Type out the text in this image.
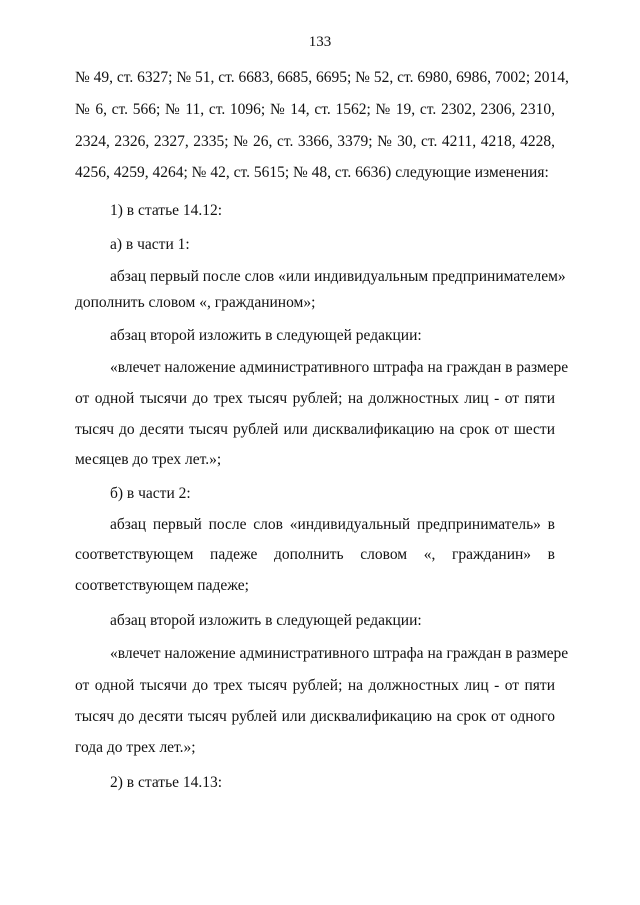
133
№ 49, ст. 6327; № 51, ст. 6683, 6685, 6695; № 52, ст. 6980, 6986, 7002; 2014,
№ 6, ст. 566; № 11, ст. 1096; № 14, ст. 1562; № 19, ст. 2302, 2306, 2310,
2324, 2326, 2327, 2335; № 26, ст. 3366, 3379; № 30, ст. 4211, 4218, 4228,
4256, 4259, 4264; № 42, ст. 5615; № 48, ст. 6636) следующие изменения:
1) в статье 14.12:
а) в части 1:
абзац первый после слов «или индивидуальным предпринимателем»
дополнить словом «, гражданином»;
абзац второй изложить в следующей редакции:
«влечет наложение административного штрафа на граждан в размере
от одной тысячи до трех тысяч рублей; на должностных лиц - от пяти
тысяч до десяти тысяч рублей или дисквалификацию на срок от шести
месяцев до трех лет.»;
б) в части 2:
абзац первый после слов «индивидуальный предприниматель» в
соответствующем падеже дополнить словом «, гражданин» в
соответствующем падеже;
абзац второй изложить в следующей редакции:
«влечет наложение административного штрафа на граждан в размере
от одной тысячи до трех тысяч рублей; на должностных лиц - от пяти
тысяч до десяти тысяч рублей или дисквалификацию на срок от одного
года до трех лет.»;
2) в статье 14.13:
